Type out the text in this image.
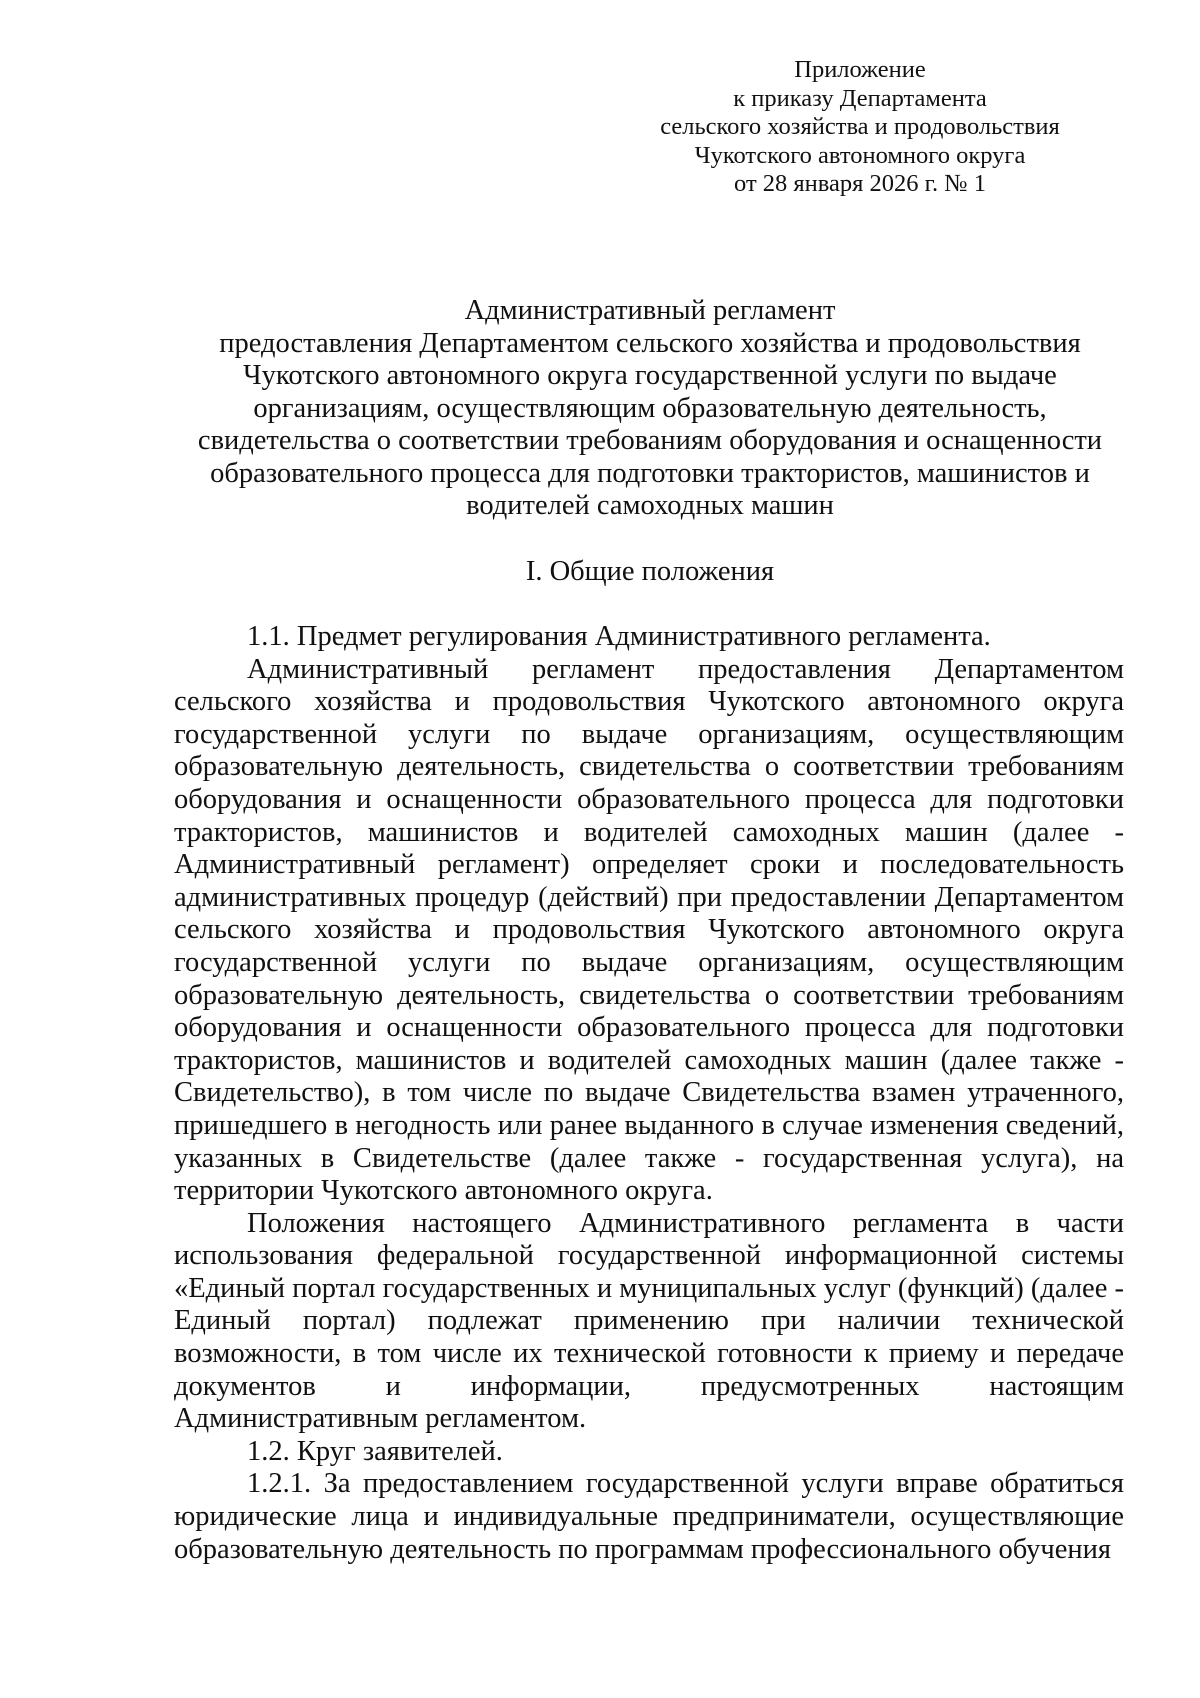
Приложение
к приказу Департамента
сельского хозяйства и продовольствия
Чукотского автономного округа
от 28 января 2026 г. № 1
Административный регламент
предоставления Департаментом сельского хозяйства и продовольствия
Чукотского автономного округа государственной услуги по выдаче
организациям, осуществляющим образовательную деятельность,
свидетельства о соответствии требованиям оборудования и оснащенности
образовательного процесса для подготовки трактористов, машинистов и
водителей самоходных машин
I. Общие положения

1.1. Предмет регулирования Административного регламента.

Административный регламент предоставления Департаментом сельского хозяйства и продовольствия Чукотского автономного округа государственной услуги по выдаче организациям, осуществляющим образовательную деятельность, свидетельства о соответствии требованиям оборудования и оснащенности образовательного процесса для подготовки трактористов, машинистов и водителей самоходных машин (далее - Административный регламент) определяет сроки и последовательность административных процедур (действий) при предоставлении Департаментом сельского хозяйства и продовольствия Чукотского автономного округа государственной услуги по выдаче организациям, осуществляющим образовательную деятельность, свидетельства о соответствии требованиям оборудования и оснащенности образовательного процесса для подготовки трактористов, машинистов и водителей самоходных машин (далее также - Свидетельство), в том числе по выдаче Свидетельства взамен утраченного, пришедшего в негодность или ранее выданного в случае изменения сведений, указанных в Свидетельстве (далее также - государственная услуга), на территории Чукотского автономного округа.

Положения настоящего Административного регламента в части использования федеральной государственной информационной системы «Единый портал государственных и муниципальных услуг (функций) (далее - Единый портал) подлежат применению при наличии технической возможности, в том числе их технической готовности к приему и передаче документов и информации, предусмотренных настоящим Административным регламентом.

1.2. Круг заявителей.

1.2.1. За предоставлением государственной услуги вправе обратиться юридические лица и индивидуальные предприниматели, осуществляющие образовательную деятельность по программам профессионального обучения
